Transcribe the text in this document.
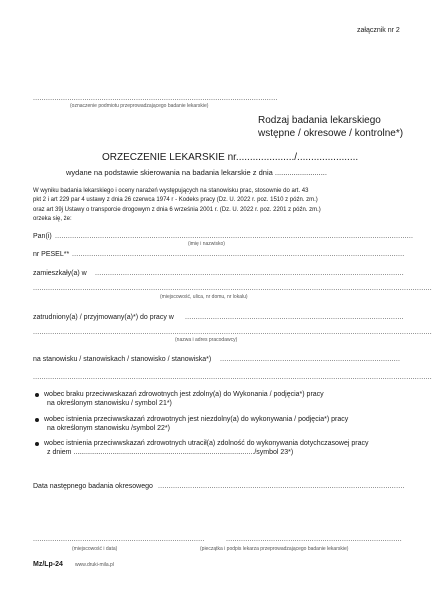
załącznik nr 2
..................................................................................................................
(oznaczenie podmiotu przeprowadzającego badanie lekarskie)
Rodzaj badania lekarskiego
wstępne / okresowe / kontrolne*)
ORZECZENIE LEKARSKIE nr...................../......................
wydane na podstawie skierowania na badania lekarskie z dnia .........................
W wyniku badania lekarskiego i oceny narażeń występujących na stanowisku prac, stosownie do art. 43
pkt 2 i art 229 par 4 ustawy z dnia 26 czerwca 1974 r - Kodeks pracy (Dz. U. 2022 r. poz. 1510 z późn. zm.)
oraz art 39j Ustawy o transporcie drogowym z dnia 6 września 2001 r. (Dz. U. 2022 r. poz. 2201 z późn. zm.)
orzeka się, że:
Pan(i) .......................................................................................................................................................................
(imię i nazwisko)
nr PESEL** ...........................................................................................................................................................
zamieszkały(a) w ................................................................................................................................................
..........................................................................................................................................................................................
(miejscowość, ulica, nr domu, nr lokalu)
zatrudniony(a) / przyjmowany(a)*) do pracy w ......................................................................................................
..........................................................................................................................................................................................
(nazwa i adres pracodawcy)
na stanowisku / stanowiskach / stanowisko / stanowiska*) ....................................................................................
..........................................................................................................................................................................................
wobec braku przeciwwskazań zdrowotnych jest zdolny(a) do Wykonania / podjęcia*) pracy
na określonym stanowisku / symbol 21*)
wobec istnienia przeciwwskazań zdrowotnych jest niezdolny(a) do wykonywania / podjęcia*) pracy
na określonym stanowisku /symbol 22*)
wobec istnienia przeciwwskazań zdrowotnych utracił(a) zdolność do wykonywania dotychczasowej pracy
z dniem ............................................................................................./symbol 23*)
Data następnego badania okresowego ...................................................................................................................
................................................................................
(miejscowość i data)
..................................................................................
(pieczątka i podpis lekarza przeprowadzającego badanie lekarskie)
Mz/Lp-24 www.druki-mila.pl
